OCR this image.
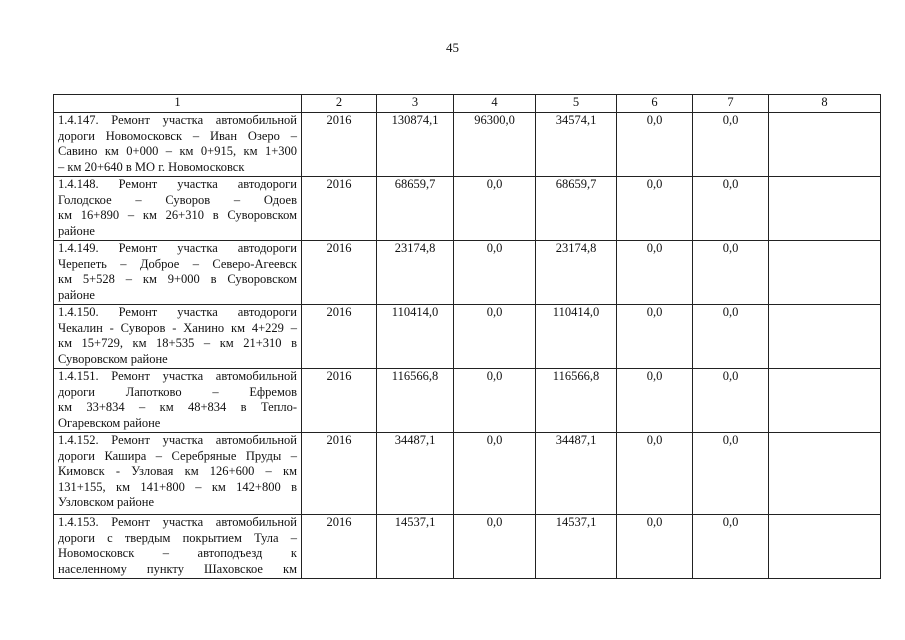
45
1	2	3	4	5	6	7	8

1.4.147. Ремонт участка автомобильной
дороги Новомосковск – Иван Озеро –
Савино км 0+000 – км 0+915, км 1+300
– км 20+640 в МО г. Новомосковск	2016	130874,1	96300,0	34574,1	0,0	0,0	

1.4.148. Ремонт участка автодороги
Голодское – Суворов – Одоев
км 16+890 – км 26+310 в Суворовском
районе	2016	68659,7	0,0	68659,7	0,0	0,0	

1.4.149. Ремонт участка автодороги
Черепеть – Доброе – Северо-Агеевск
км 5+528 – км 9+000 в Суворовском
районе	2016	23174,8	0,0	23174,8	0,0	0,0	

1.4.150. Ремонт участка автодороги
Чекалин - Суворов - Ханино км 4+229 –
км 15+729, км 18+535 – км 21+310 в
Суворовском районе	2016	110414,0	0,0	110414,0	0,0	0,0	

1.4.151. Ремонт участка автомобильной
дороги Лапотково – Ефремов
км 33+834 – км 48+834 в Тепло-
Огаревском районе	2016	116566,8	0,0	116566,8	0,0	0,0	

1.4.152. Ремонт участка автомобильной
дороги Кашира – Серебряные Пруды –
Кимовск - Узловая км 126+600 – км
131+155, км 141+800 – км 142+800 в
Узловском районе	2016	34487,1	0,0	34487,1	0,0	0,0	

1.4.153. Ремонт участка автомобильной
дороги с твердым покрытием Тула –
Новомосковск – автоподъезд к
населенному пункту Шаховское км	2016	14537,1	0,0	14537,1	0,0	0,0	
